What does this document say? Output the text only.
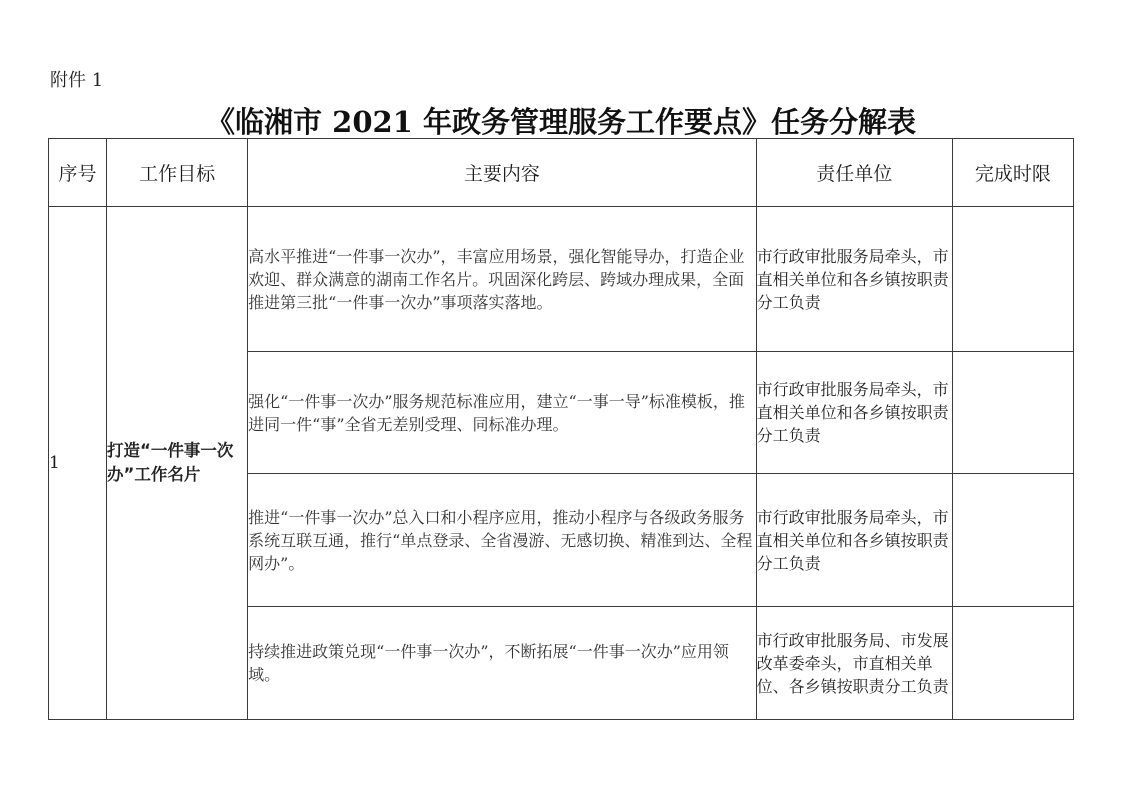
附件 1
《临湘市 2021 年政务管理服务工作要点》任务分解表
序号	工作目标	主要内容	责任单位	完成时限
1	打造“一件事一次办”工作名片	高水平推进“一件事一次办”，丰富应用场景，强化智能导办，打造企业欢迎、群众满意的湖南工作名片。巩固深化跨层、跨域办理成果，全面推进第三批“一件事一次办”事项落实落地。	市行政审批服务局牵头，市直相关单位和各乡镇按职责分工负责	
		强化“一件事一次办”服务规范标准应用，建立“一事一导”标准模板，推进同一件“事”全省无差别受理、同标准办理。	市行政审批服务局牵头，市直相关单位和各乡镇按职责分工负责	
		推进“一件事一次办”总入口和小程序应用，推动小程序与各级政务服务系统互联互通，推行“单点登录、全省漫游、无感切换、精准到达、全程网办”。	市行政审批服务局牵头，市直相关单位和各乡镇按职责分工负责	
		持续推进政策兑现“一件事一次办”，不断拓展“一件事一次办”应用领域。	市行政审批服务局、市发展改革委牵头，市直相关单位、各乡镇按职责分工负责	
